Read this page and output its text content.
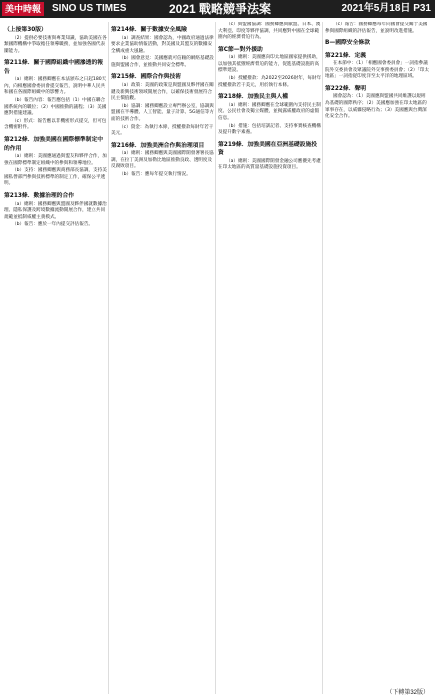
美中時報	SINO US TIMES	2021 戰略競爭法案	2021年5月18日 P31
（上接第30版）

（2）提供必要技術與專業知識，協助美國在各類國際機構中爭取擔任領導職務，並加強各國代表團能力。

第211條．關于國際組織中國滲透的報告

（a）總則：國務卿應在本法頒布之日起180天內，向相應國會委員會提交報告，說明中華人民共和國在各國際組織中的影響力。

（b）報告內容：報告應包括（1）中國在聯合國系統內的職位；（2）中國推動的議程；（3）美國應對措施建議。

（c）形式：報告應以非機密形式提交，但可包含機密附件。

第212條．加強美國在國際標準制定中的作用

（a）總則：美國應通過與盟友和夥伴合作，加強在國際標準制定組織中的參與和領導地位。

（b）支持：國務卿應與商務部長協調，支持美國私營部門參與技術標準的制定工作，確保公平透明。

第213條．數據治理的合作

（a）總則：國務卿應與盟國及夥伴國就數據治理、隱私保護及跨境數據流動開展合作，建立共同規範並抵制威權主義模式。

（b）報告：應於一年內提交評估報告。

第214條．關于數據安全風險

（a）調查結果：國會認為，中國政府通過法律要求企業協助情報活動，對美國及其盟友的數據安全構成重大風險。

（b）國會意見：美國應就可信賴的網絡基礎設施與盟國合作，並推動共同安全標準。

第215條．國際合作與技術

（a）政策：美國的政策是與盟國及夥伴國在關鍵及新興技術領域開展合作，以確保技術發展符合民主價值觀。

（b）協調：國務卿應設立專門辦公室，協調與盟國在半導體、人工智能、量子計算、5G通信等方面的技術合作。

（c）資金：為執行本條，授權撥款每財年若干美元。

第216條．加強美洲合作與治理項目

（a）總則：國務卿應與美國國際開發署署長協調，在拉丁美洲及加勒比地區推動良政、透明度及反腐敗項目。

（b）報告：應每年提交執行情況。

（c）與盟國協調：國務卿應與歐盟、日本、澳大利亞、印度等夥伴協調，共同應對中國在全球範圍內的經濟脅迫行為。

第C節—對外援助

（a）總則：美國應向印太地區國家提供援助，以加強其抵禦經濟脅迫的能力，促進基礎設施的高標準建設。

（b）授權撥款：為2022至2026財年，每財年授權撥款若干美元，用於執行本條。

第218條．加強民主與人權

（a）總則：國務卿應在全球範圍內支持民主制度、公民社會及獨立媒體，並揭露威權政府的虛假信息。

（b）措施：包括培訓記者、支持事實核查機構及提升數字素養。

第219條．加強美國在亞洲基礎設施投資

（a）總則：美國國際開發金融公司應優先考慮在印太地區的高質量基礎設施投資項目。

（c）報告：國務卿應每年向國會提交關于美國參與國際組織的評估報告，並說明改進措施。

B—國際安全條款
第221條．定義

在本節中：（1）「相應國會委員會」一詞指參議院外交委員會及眾議院外交事務委員會；（2）「印太地區」一詞指從印度洋至太平洋的地理區域。

第222條．聲明

國會認為：（1）美國應與盟國共同維護以規則為基礎的國際秩序；（2）美國應加強在印太地區的軍事存在，以威懾侵略行為；（3）美國應與台灣深化安全合作。

（下轉第32版）
